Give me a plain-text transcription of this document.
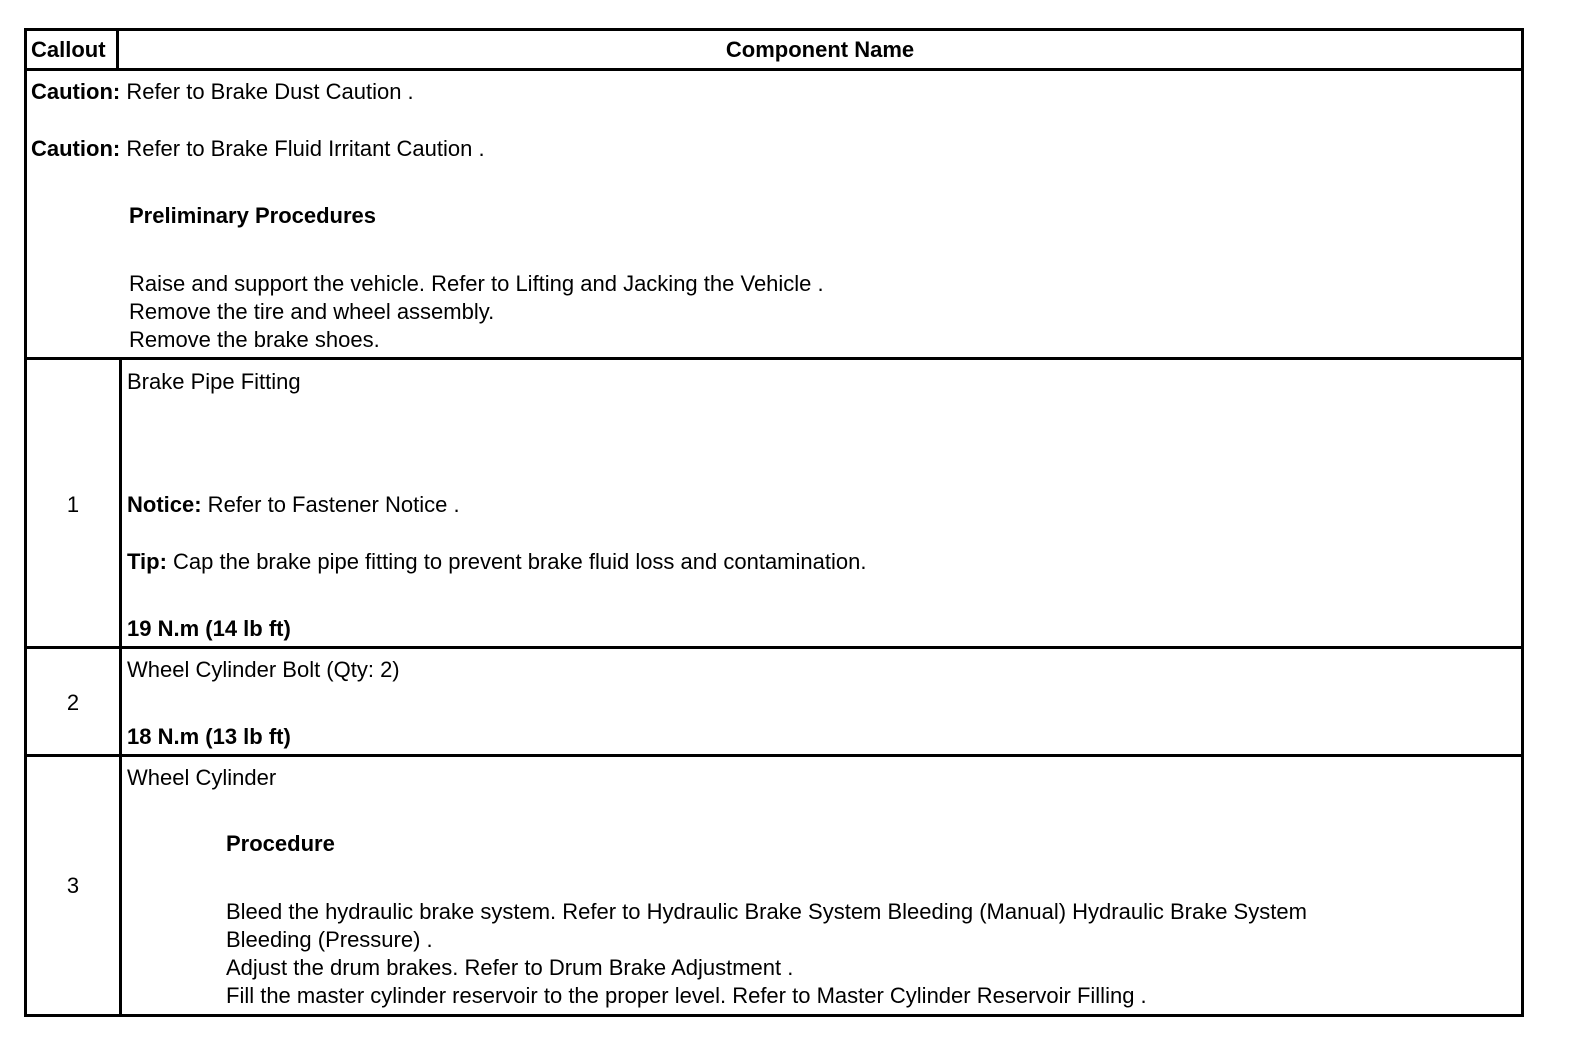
Callout	Component Name
Caution: Refer to Brake Dust Caution .
Caution: Refer to Brake Fluid Irritant Caution .
Preliminary Procedures
Raise and support the vehicle. Refer to Lifting and Jacking the Vehicle .
Remove the tire and wheel assembly.
Remove the brake shoes.
1
Brake Pipe Fitting
Notice: Refer to Fastener Notice .
Tip: Cap the brake pipe fitting to prevent brake fluid loss and contamination.
19 N.m (14 lb ft)
2
Wheel Cylinder Bolt (Qty: 2)
18 N.m (13 lb ft)
3
Wheel Cylinder
Procedure
Bleed the hydraulic brake system. Refer to Hydraulic Brake System Bleeding (Manual) Hydraulic Brake System
Bleeding (Pressure) .
Adjust the drum brakes. Refer to Drum Brake Adjustment .
Fill the master cylinder reservoir to the proper level. Refer to Master Cylinder Reservoir Filling .
